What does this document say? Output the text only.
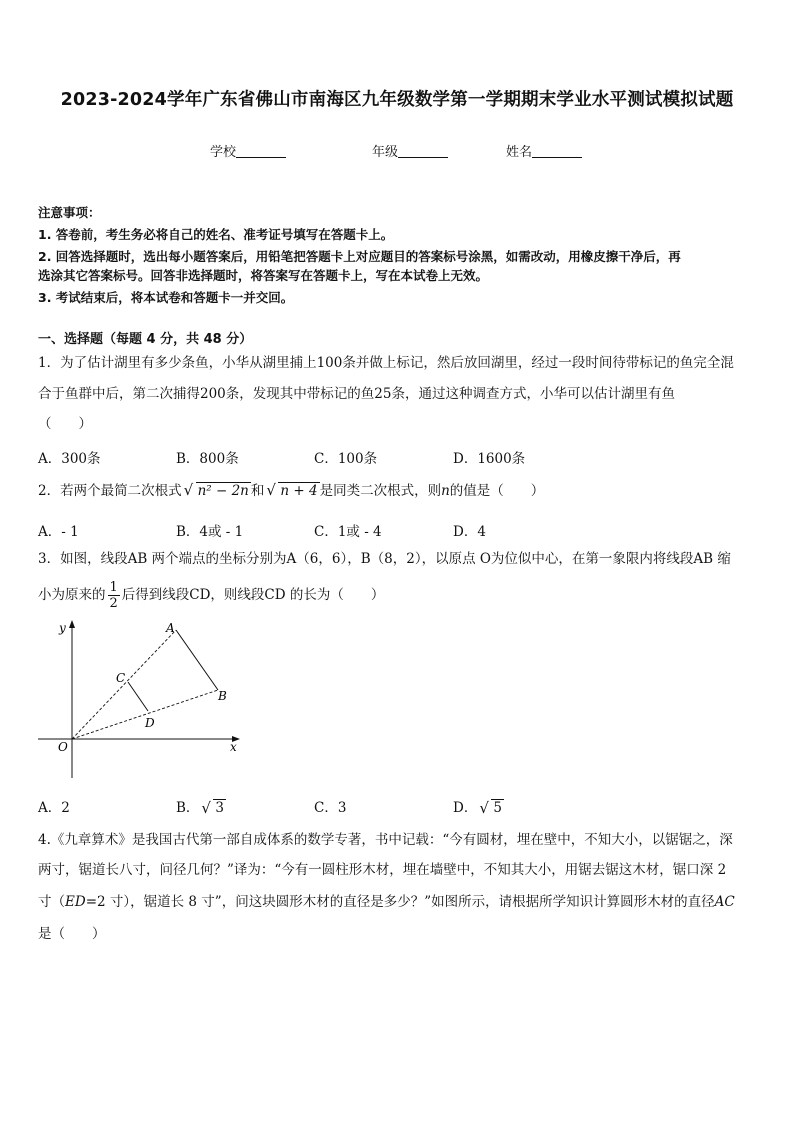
2023-2024学年广东省佛山市南海区九年级数学第一学期期末学业水平测试模拟试题
学校	年级	姓名
注意事项：
1. 答卷前，考生务必将自己的姓名、准考证号填写在答题卡上。
2. 回答选择题时，选出每小题答案后，用铅笔把答题卡上对应题目的答案标号涂黑，如需改动，用橡皮擦干净后，再
选涂其它答案标号。回答非选择题时，将答案写在答题卡上，写在本试卷上无效。
3. 考试结束后，将本试卷和答题卡一并交回。
一、选择题（每题 4 分，共 48 分）
1．为了估计湖里有多少条鱼，小华从湖里捕上100条并做上标记，然后放回湖里，经过一段时间待带标记的鱼完全混
合于鱼群中后，第二次捕得200条，发现其中带标记的鱼25条，通过这种调查方式，小华可以估计湖里有鱼
（　　）
A．300条	B．800条	C．100条	D．1600条
2．若两个最简二次根式 √ n² − 2n 和 √ n + 4 是同类二次根式，则n的值是（　　）
A．- 1	B．4或 - 1	C．1或 - 4	D．4
3．如图，线段AB 两个端点的坐标分别为A（6，6），B（8，2），以原点 O为位似中心，在第一象限内将线段AB 缩
小为原来的 $\frac{1}{2}$ 后得到线段CD，则线段CD 的长为（　　）
y
x
O
A
B
C
D
A．2	B． √ 3	C．3	D． √ 5
4.《九章算术》是我国古代第一部自成体系的数学专著，书中记载：“今有圆材，埋在壁中，不知大小，以锯锯之，深
两寸，锯道长八寸，问径几何？”译为：“今有一圆柱形木材，埋在墙壁中，不知其大小，用锯去锯这木材，锯口深 2
寸（ED=2 寸），锯道长 8 寸”，问这块圆形木材的直径是多少？”如图所示，请根据所学知识计算圆形木材的直径AC
是（　　）
